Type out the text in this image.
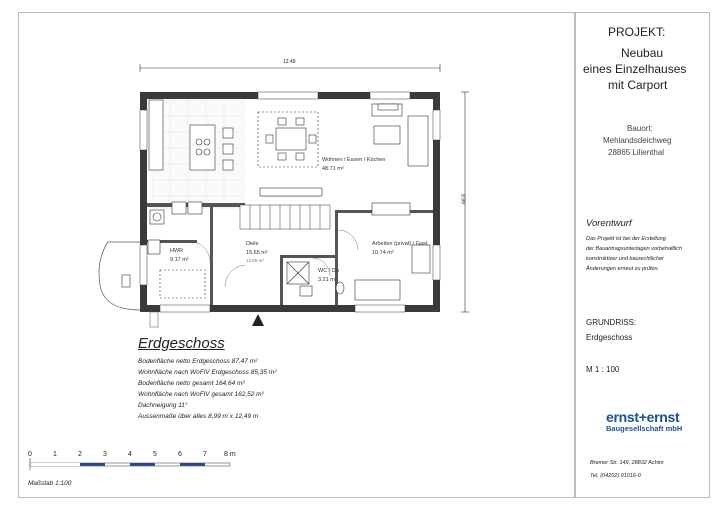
12.49
8.99
Wohnen / Essen / Küchen
48.71 m²
Diele
15.65 m²
13.55 m²
HWR
9.17 m²
WC / Du
3.21 m²
Arbeiten (privat) / Gast
10.74 m²
Erdgeschoss
Bodenfläche netto Erdgeschoss 87,47 m²
Wohnfläche nach WoFlV Erdgeschoss 85,35 m²
Bodenfläche netto gesamt 164,64 m²
Wohnfläche nach WoFlV gesamt 162,52 m²
Dachneigung 11°
Aussenmaße über alles 8,99 m x 12,49 m
0	1	2	3	4	5	6	7 8 m
Maßstab 1:100
PROJEKT:
Neubau
eines Einzelhauses
mit Carport
Bauort:
Mehlandsdeichweg
28865 Lilienthal
Vorentwurf
Das Projekt ist bei der Erstellung
der Bauantragsunterlagen vorbehaltlich
konstruktiver und baurechtlicher
Änderungen erneut zu prüfen.
GRUNDRISS:
Erdgeschoss
M 1 : 100
ernst+ernst
Baugesellschaft mbH
Bremer Str. 149, 28832 Achim
Tel. (04202) 91016-0
